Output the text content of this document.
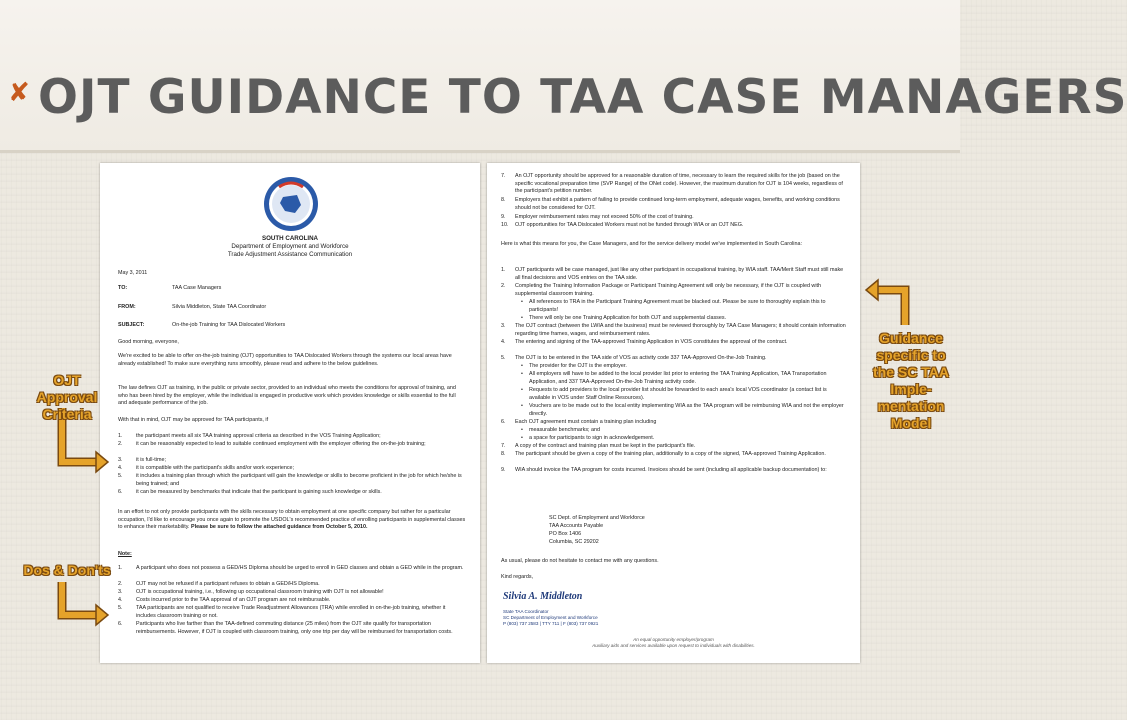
✘ OJT GUIDANCE TO TAA CASE MANAGERS
SOUTH CAROLINA
Department of Employment and Workforce
Trade Adjustment Assistance Communication
May 3, 2011
TO:	TAA Case Managers
FROM:	Silvia Middleton, State TAA Coordinator
SUBJECT:	On-the-job Training for TAA Dislocated Workers
Good morning, everyone,
We're excited to be able to offer on-the-job training (OJT) opportunities to TAA Dislocated Workers through the systems our local areas have already established! To make sure everything runs smoothly, please read and adhere to the below guidelines.
The law defines OJT as training, in the public or private sector, provided to an individual who meets the conditions for approval of training, and who has been hired by the employer, while the individual is engaged in productive work which provides knowledge or skills essential to the full and adequate performance of the job.
With that in mind, OJT may be approved for TAA participants, if
1.	the participant meets all six TAA training approval criteria as described in the VOS Training Application;
2.	it can be reasonably expected to lead to suitable continued employment with the employer offering the on-the-job training;
3.	it is full-time;
4.	it is compatible with the participant's skills and/or work experience;
5.	it includes a training plan through which the participant will gain the knowledge or skills to become proficient in the job for which he/she is being trained; and
6.	it can be measured by benchmarks that indicate that the participant is gaining such knowledge or skills.
In an effort to not only provide participants with the skills necessary to obtain employment at one specific company but rather for a particular occupation, I'd like to encourage you once again to promote the USDOL's recommended practice of enrolling participants in supplemental classes to enhance their marketability. Please be sure to follow the attached guidance from October 5, 2010.
Note:
1.	A participant who does not possess a GED/HS Diploma should be urged to enroll in GED classes and obtain a GED while in the program.
2.	OJT may not be refused if a participant refuses to obtain a GED/HS Diploma.
3.	OJT is occupational training, i.e., following up occupational classroom training with OJT is not allowable!
4.	Costs incurred prior to the TAA approval of an OJT program are not reimbursable.
5.	TAA participants are not qualified to receive Trade Readjustment Allowances (TRA) while enrolled in on-the-job training, whether it includes classroom training or not.
6.	Participants who live farther than the TAA-defined commuting distance (25 miles) from the OJT site qualify for transportation reimbursements. However, if OJT is coupled with classroom training, only one trip per day will be reimbursed for transportation costs.
7. An OJT opportunity should be approved for a reasonable duration of time, necessary to learn the required skills for the job (based on the specific vocational preparation time (SVP Range) of the ONet code). However, the maximum duration for OJT is 104 weeks, regardless of the participant's petition number.
8. Employers that exhibit a pattern of failing to provide continued long-term employment, adequate wages, benefits, and working conditions should not be considered for OJT.
9. Employer reimbursement rates may not exceed 50% of the cost of training.
10. OJT opportunities for TAA Dislocated Workers must not be funded through WIA or an OJT NEG.
Here is what this means for you, the Case Managers, and for the service delivery model we've implemented in South Carolina:
1. OJT participants will be case managed, just like any other participant in occupational training, by WIA staff. TAA/Merit Staff must still make all final decisions and VOS entries on the TAA side.
2. Completing the Training Information Package or Participant Training Agreement will only be necessary, if the OJT is coupled with supplemental classroom training.
• All references to TRA in the Participant Training Agreement must be blacked out. Please be sure to thoroughly explain this to participants!
• There will only be one Training Application for both OJT and supplemental classes.
3. The OJT contract (between the LWIA and the business) must be reviewed thoroughly by TAA Case Managers; it should contain information regarding time frames, wages, and reimbursement rates.
4. The entering and signing of the TAA-approved Training Application in VOS constitutes the approval of the contract.
5. The OJT is to be entered in the TAA side of VOS as activity code 337 TAA-Approved On-the-Job Training.
• The provider for the OJT is the employer.
• All employers will have to be added to the local provider list prior to entering the TAA Training Application, TAA Transportation Application, and 337 TAA-Approved On-the-Job Training activity code.
• Requests to add providers to the local provider list should be forwarded to each area's local VOS coordinator (a contact list is available in VOS under Staff Online Resources).
• Vouchers are to be made out to the local entity implementing WIA as the TAA program will be reimbursing WIA and not the employer directly.
6. Each OJT agreement must contain a training plan including
• measurable benchmarks; and
• a space for participants to sign in acknowledgement.
7. A copy of the contract and training plan must be kept in the participant's file.
8. The participant should be given a copy of the training plan, additionally to a copy of the signed, TAA-approved Training Application.
9. WIA should invoice the TAA program for costs incurred. Invoices should be sent (including all applicable backup documentation) to:
SC Dept. of Employment and Workforce
TAA Accounts Payable
PO Box 1406
Columbia, SC 29202
As usual, please do not hesitate to contact me with any questions.
Kind regards,
Silvia A. Middleton
State TAA Coordinator
SC Department of Employment and Workforce
P (803) 737 2583 | TTY 711 | F (803) 737 0921
An equal opportunity employer/program
Auxiliary aids and services available upon request to individuals with disabilities.
OJT Approval Criteria
Dos & Don'ts
Guidance specific to the SC TAA Imple-mentation Model
